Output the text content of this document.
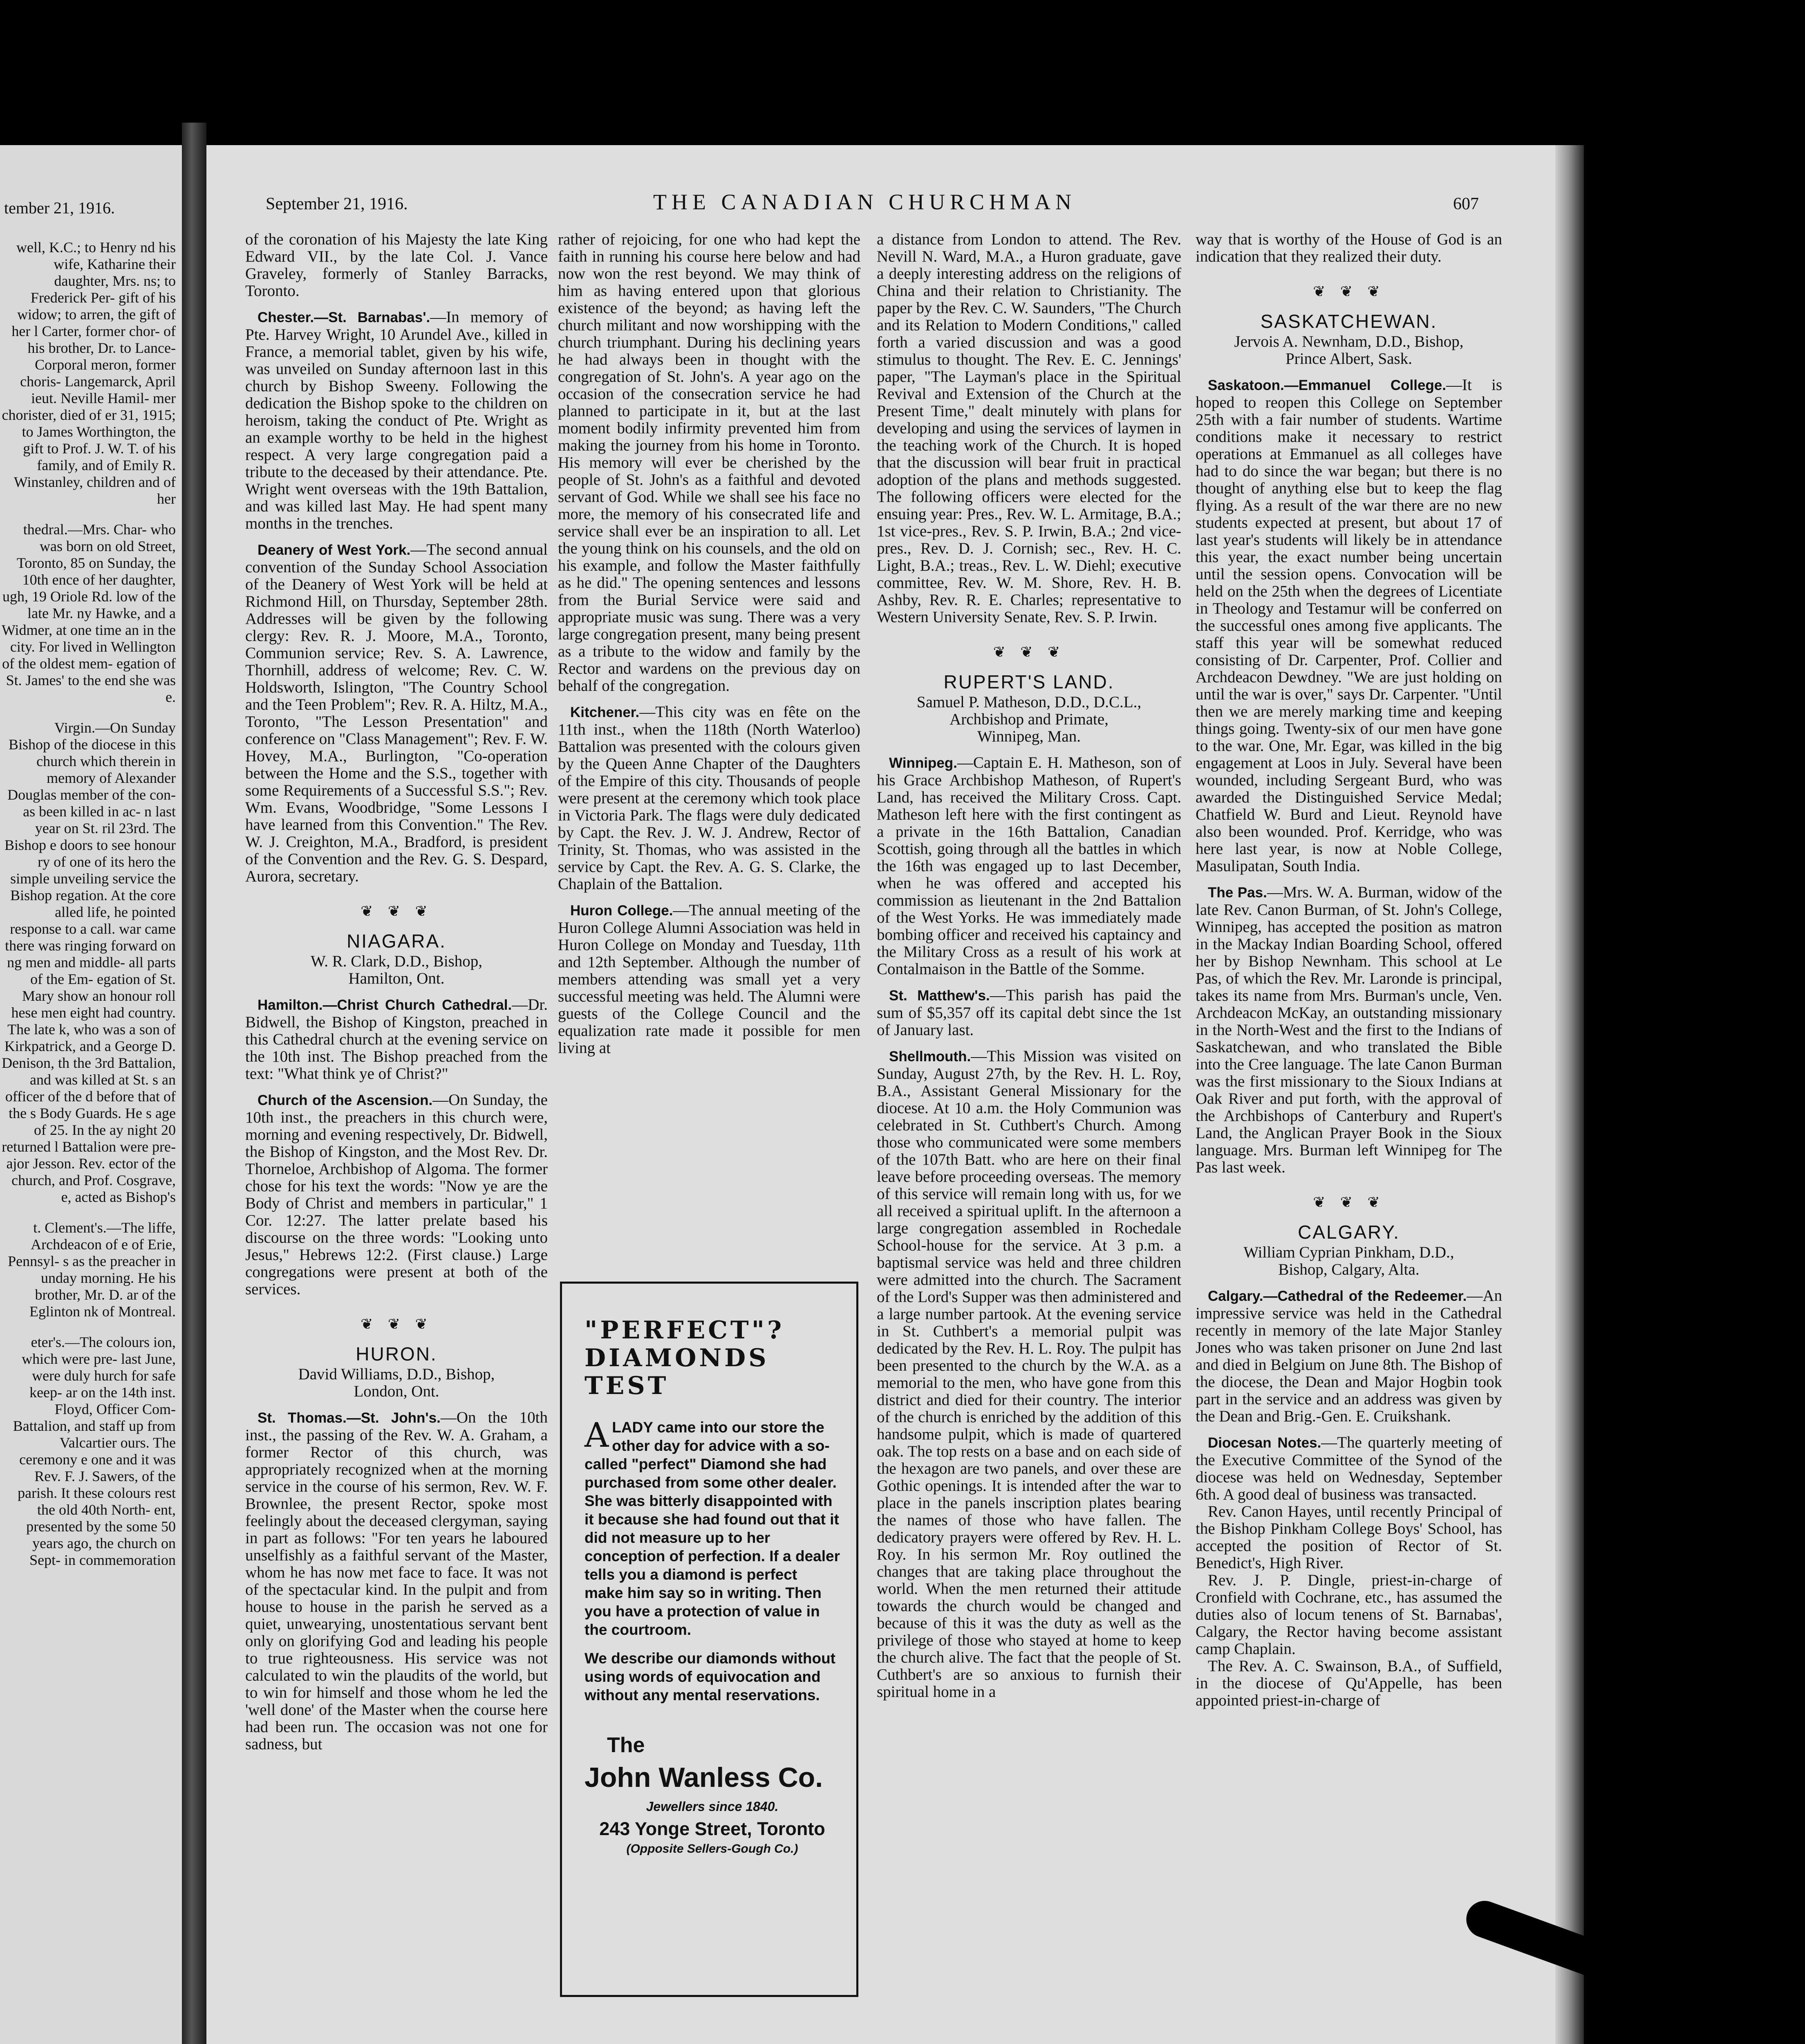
tember 21, 1916.

well, K.C.; to Henry nd his wife, Katharine their daughter, Mrs. ns; to Frederick Per- gift of his widow; to arren, the gift of her l Carter, former chor- of his brother, Dr. to Lance-Corporal meron, former choris- Langemarck, April ieut. Neville Hamil- mer chorister, died of er 31, 1915; to James Worthington, the gift to Prof. J. W. T. of his family, and of Emily R. Winstanley, children and of her

thedral.—Mrs. Char- who was born on old Street, Toronto, 85 on Sunday, the 10th ence of her daughter, ugh, 19 Oriole Rd. low of the late Mr. ny Hawke, and a Widmer, at one time an in the city. For lived in Wellington of the oldest mem- egation of St. James' to the end she was e.

Virgin.—On Sunday Bishop of the diocese in this church which therein in memory of Alexander Douglas member of the con- as been killed in ac- n last year on St. ril 23rd. The Bishop e doors to see honour ry of one of its hero the simple unveiling service the Bishop regation. At the core alled life, he pointed response to a call. war came there was ringing forward on ng men and middle- all parts of the Em- egation of St. Mary show an honour roll hese men eight had country. The late k, who was a son of Kirkpatrick, and a George D. Denison, th the 3rd Battalion, and was killed at St. s an officer of the d before that of the s Body Guards. He s age of 25. In the ay night 20 returned l Battalion were pre- ajor Jesson. Rev. ector of the church, and Prof. Cosgrave, e, acted as Bishop's

t. Clement's.—The liffe, Archdeacon of e of Erie, Pennsyl- s as the preacher in unday morning. He his brother, Mr. D. ar of the Eglinton nk of Montreal.

eter's.—The colours ion, which were pre- last June, were duly hurch for safe keep- ar on the 14th inst. Floyd, Officer Com- Battalion, and staff up from Valcartier ours. The ceremony e one and it was Rev. F. J. Sawers, of the parish. It these colours rest the old 40th North- ent, presented by the some 50 years ago, the church on Sept- in commemoration

September 21, 1916.	THE CANADIAN CHURCHMAN	607

of the coronation of his Majesty the late King Edward VII., by the late Col. J. Vance Graveley, formerly of Stanley Barracks, Toronto.

Chester.—St. Barnabas'.—In memory of Pte. Harvey Wright, 10 Arundel Ave., killed in France, a memorial tablet, given by his wife, was unveiled on Sunday afternoon last in this church by Bishop Sweeny. Following the dedication the Bishop spoke to the children on heroism, taking the conduct of Pte. Wright as an example worthy to be held in the highest respect. A very large congregation paid a tribute to the deceased by their attendance. Pte. Wright went overseas with the 19th Battalion, and was killed last May. He had spent many months in the trenches.

Deanery of West York.—The second annual convention of the Sunday School Association of the Deanery of West York will be held at Richmond Hill, on Thursday, September 28th. Addresses will be given by the following clergy: Rev. R. J. Moore, M.A., Toronto, Communion service; Rev. S. A. Lawrence, Thornhill, address of welcome; Rev. C. W. Holdsworth, Islington, "The Country School and the Teen Problem"; Rev. R. A. Hiltz, M.A., Toronto, "The Lesson Presentation" and conference on "Class Management"; Rev. F. W. Hovey, M.A., Burlington, "Co-operation between the Home and the S.S., together with some Requirements of a Successful S.S."; Rev. Wm. Evans, Woodbridge, "Some Lessons I have learned from this Convention." The Rev. W. J. Creighton, M.A., Bradford, is president of the Convention and the Rev. G. S. Despard, Aurora, secretary.

❦ ❦ ❦
NIAGARA.
W. R. Clark, D.D., Bishop,
Hamilton, Ont.

Hamilton.—Christ Church Cathedral.—Dr. Bidwell, the Bishop of Kingston, preached in this Cathedral church at the evening service on the 10th inst. The Bishop preached from the text: "What think ye of Christ?"

Church of the Ascension.—On Sunday, the 10th inst., the preachers in this church were, morning and evening respectively, Dr. Bidwell, the Bishop of Kingston, and the Most Rev. Dr. Thorneloe, Archbishop of Algoma. The former chose for his text the words: "Now ye are the Body of Christ and members in particular," 1 Cor. 12:27. The latter prelate based his discourse on the three words: "Looking unto Jesus," Hebrews 12:2. (First clause.) Large congregations were present at both of the services.

❦ ❦ ❦
HURON.
David Williams, D.D., Bishop,
London, Ont.

St. Thomas.—St. John's.—On the 10th inst., the passing of the Rev. W. A. Graham, a former Rector of this church, was appropriately recognized when at the morning service in the course of his sermon, Rev. W. F. Brownlee, the present Rector, spoke most feelingly about the deceased clergyman, saying in part as follows: "For ten years he laboured unselfishly as a faithful servant of the Master, whom he has now met face to face. It was not of the spectacular kind. In the pulpit and from house to house in the parish he served as a quiet, unwearying, unostentatious servant bent only on glorifying God and leading his people to true righteousness. His service was not calculated to win the plaudits of the world, but to win for himself and those whom he led the 'well done' of the Master when the course here had been run. The occasion was not one for sadness, but

rather of rejoicing, for one who had kept the faith in running his course here below and had now won the rest beyond. We may think of him as having entered upon that glorious existence of the beyond; as having left the church militant and now worshipping with the church triumphant. During his declining years he had always been in thought with the congregation of St. John's. A year ago on the occasion of the consecration service he had planned to participate in it, but at the last moment bodily infirmity prevented him from making the journey from his home in Toronto. His memory will ever be cherished by the people of St. John's as a faithful and devoted servant of God. While we shall see his face no more, the memory of his consecrated life and service shall ever be an inspiration to all. Let the young think on his counsels, and the old on his example, and follow the Master faithfully as he did." The opening sentences and lessons from the Burial Service were said and appropriate music was sung. There was a very large congregation present, many being present as a tribute to the widow and family by the Rector and wardens on the previous day on behalf of the congregation.

Kitchener.—This city was en fête on the 11th inst., when the 118th (North Waterloo) Battalion was presented with the colours given by the Queen Anne Chapter of the Daughters of the Empire of this city. Thousands of people were present at the ceremony which took place in Victoria Park. The flags were duly dedicated by Capt. the Rev. J. W. J. Andrew, Rector of Trinity, St. Thomas, who was assisted in the service by Capt. the Rev. A. G. S. Clarke, the Chaplain of the Battalion.

Huron College.—The annual meeting of the Huron College Alumni Association was held in Huron College on Monday and Tuesday, 11th and 12th September. Although the number of members attending was small yet a very successful meeting was held. The Alumni were guests of the College Council and the equalization rate made it possible for men living at

"PERFECT"? DIAMONDS TEST
A LADY came into our store the other day for advice with a so-called "perfect" Diamond she had purchased from some other dealer. She was bitterly disappointed with it because she had found out that it did not measure up to her conception of perfection. If a dealer tells you a diamond is perfect make him say so in writing. Then you have a protection of value in the courtroom.
We describe our diamonds without using words of equivocation and without any mental reservations.
The
John Wanless Co.
Jewellers since 1840.
243 Yonge Street, Toronto
(Opposite Sellers-Gough Co.)

a distance from London to attend. The Rev. Nevill N. Ward, M.A., a Huron graduate, gave a deeply interesting address on the religions of China and their relation to Christianity. The paper by the Rev. C. W. Saunders, "The Church and its Relation to Modern Conditions," called forth a varied discussion and was a good stimulus to thought. The Rev. E. C. Jennings' paper, "The Layman's place in the Spiritual Revival and Extension of the Church at the Present Time," dealt minutely with plans for developing and using the services of laymen in the teaching work of the Church. It is hoped that the discussion will bear fruit in practical adoption of the plans and methods suggested. The following officers were elected for the ensuing year: Pres., Rev. W. L. Armitage, B.A.; 1st vice-pres., Rev. S. P. Irwin, B.A.; 2nd vice-pres., Rev. D. J. Cornish; sec., Rev. H. C. Light, B.A.; treas., Rev. L. W. Diehl; executive committee, Rev. W. M. Shore, Rev. H. B. Ashby, Rev. R. E. Charles; representative to Western University Senate, Rev. S. P. Irwin.

❦ ❦ ❦
RUPERT'S LAND.
Samuel P. Matheson, D.D., D.C.L.,
Archbishop and Primate,
Winnipeg, Man.

Winnipeg.—Captain E. H. Matheson, son of his Grace Archbishop Matheson, of Rupert's Land, has received the Military Cross. Capt. Matheson left here with the first contingent as a private in the 16th Battalion, Canadian Scottish, going through all the battles in which the 16th was engaged up to last December, when he was offered and accepted his commission as lieutenant in the 2nd Battalion of the West Yorks. He was immediately made bombing officer and received his captaincy and the Military Cross as a result of his work at Contalmaison in the Battle of the Somme.

St. Matthew's.—This parish has paid the sum of $5,357 off its capital debt since the 1st of January last.

Shellmouth.—This Mission was visited on Sunday, August 27th, by the Rev. H. L. Roy, B.A., Assistant General Missionary for the diocese. At 10 a.m. the Holy Communion was celebrated in St. Cuthbert's Church. Among those who communicated were some members of the 107th Batt. who are here on their final leave before proceeding overseas. The memory of this service will remain long with us, for we all received a spiritual uplift. In the afternoon a large congregation assembled in Rochedale School-house for the service. At 3 p.m. a baptismal service was held and three children were admitted into the church. The Sacrament of the Lord's Supper was then administered and a large number partook. At the evening service in St. Cuthbert's a memorial pulpit was dedicated by the Rev. H. L. Roy. The pulpit has been presented to the church by the W.A. as a memorial to the men, who have gone from this district and died for their country. The interior of the church is enriched by the addition of this handsome pulpit, which is made of quartered oak. The top rests on a base and on each side of the hexagon are two panels, and over these are Gothic openings. It is intended after the war to place in the panels inscription plates bearing the names of those who have fallen. The dedicatory prayers were offered by Rev. H. L. Roy. In his sermon Mr. Roy outlined the changes that are taking place throughout the world. When the men returned their attitude towards the church would be changed and because of this it was the duty as well as the privilege of those who stayed at home to keep the church alive. The fact that the people of St. Cuthbert's are so anxious to furnish their spiritual home in a

way that is worthy of the House of God is an indication that they realized their duty.

❦ ❦ ❦
SASKATCHEWAN.
Jervois A. Newnham, D.D., Bishop,
Prince Albert, Sask.

Saskatoon.—Emmanuel College.—It is hoped to reopen this College on September 25th with a fair number of students. Wartime conditions make it necessary to restrict operations at Emmanuel as all colleges have had to do since the war began; but there is no thought of anything else but to keep the flag flying. As a result of the war there are no new students expected at present, but about 17 of last year's students will likely be in attendance this year, the exact number being uncertain until the session opens. Convocation will be held on the 25th when the degrees of Licentiate in Theology and Testamur will be conferred on the successful ones among five applicants. The staff this year will be somewhat reduced consisting of Dr. Carpenter, Prof. Collier and Archdeacon Dewdney. "We are just holding on until the war is over," says Dr. Carpenter. "Until then we are merely marking time and keeping things going. Twenty-six of our men have gone to the war. One, Mr. Egar, was killed in the big engagement at Loos in July. Several have been wounded, including Sergeant Burd, who was awarded the Distinguished Service Medal; Chatfield W. Burd and Lieut. Reynold have also been wounded. Prof. Kerridge, who was here last year, is now at Noble College, Masulipatan, South India.

The Pas.—Mrs. W. A. Burman, widow of the late Rev. Canon Burman, of St. John's College, Winnipeg, has accepted the position as matron in the Mackay Indian Boarding School, offered her by Bishop Newnham. This school at Le Pas, of which the Rev. Mr. Laronde is principal, takes its name from Mrs. Burman's uncle, Ven. Archdeacon McKay, an outstanding missionary in the North-West and the first to the Indians of Saskatchewan, and who translated the Bible into the Cree language. The late Canon Burman was the first missionary to the Sioux Indians at Oak River and put forth, with the approval of the Archbishops of Canterbury and Rupert's Land, the Anglican Prayer Book in the Sioux language. Mrs. Burman left Winnipeg for The Pas last week.

❦ ❦ ❦
CALGARY.
William Cyprian Pinkham, D.D.,
Bishop, Calgary, Alta.

Calgary.—Cathedral of the Redeemer.—An impressive service was held in the Cathedral recently in memory of the late Major Stanley Jones who was taken prisoner on June 2nd last and died in Belgium on June 8th. The Bishop of the diocese, the Dean and Major Hogbin took part in the service and an address was given by the Dean and Brig.-Gen. E. Cruikshank.

Diocesan Notes.—The quarterly meeting of the Executive Committee of the Synod of the diocese was held on Wednesday, September 6th. A good deal of business was transacted.

Rev. Canon Hayes, until recently Principal of the Bishop Pinkham College Boys' School, has accepted the position of Rector of St. Benedict's, High River.

Rev. J. P. Dingle, priest-in-charge of Cronfield with Cochrane, etc., has assumed the duties also of locum tenens of St. Barnabas', Calgary, the Rector having become assistant camp Chaplain.

The Rev. A. C. Swainson, B.A., of Suffield, in the diocese of Qu'Appelle, has been appointed priest-in-charge of
